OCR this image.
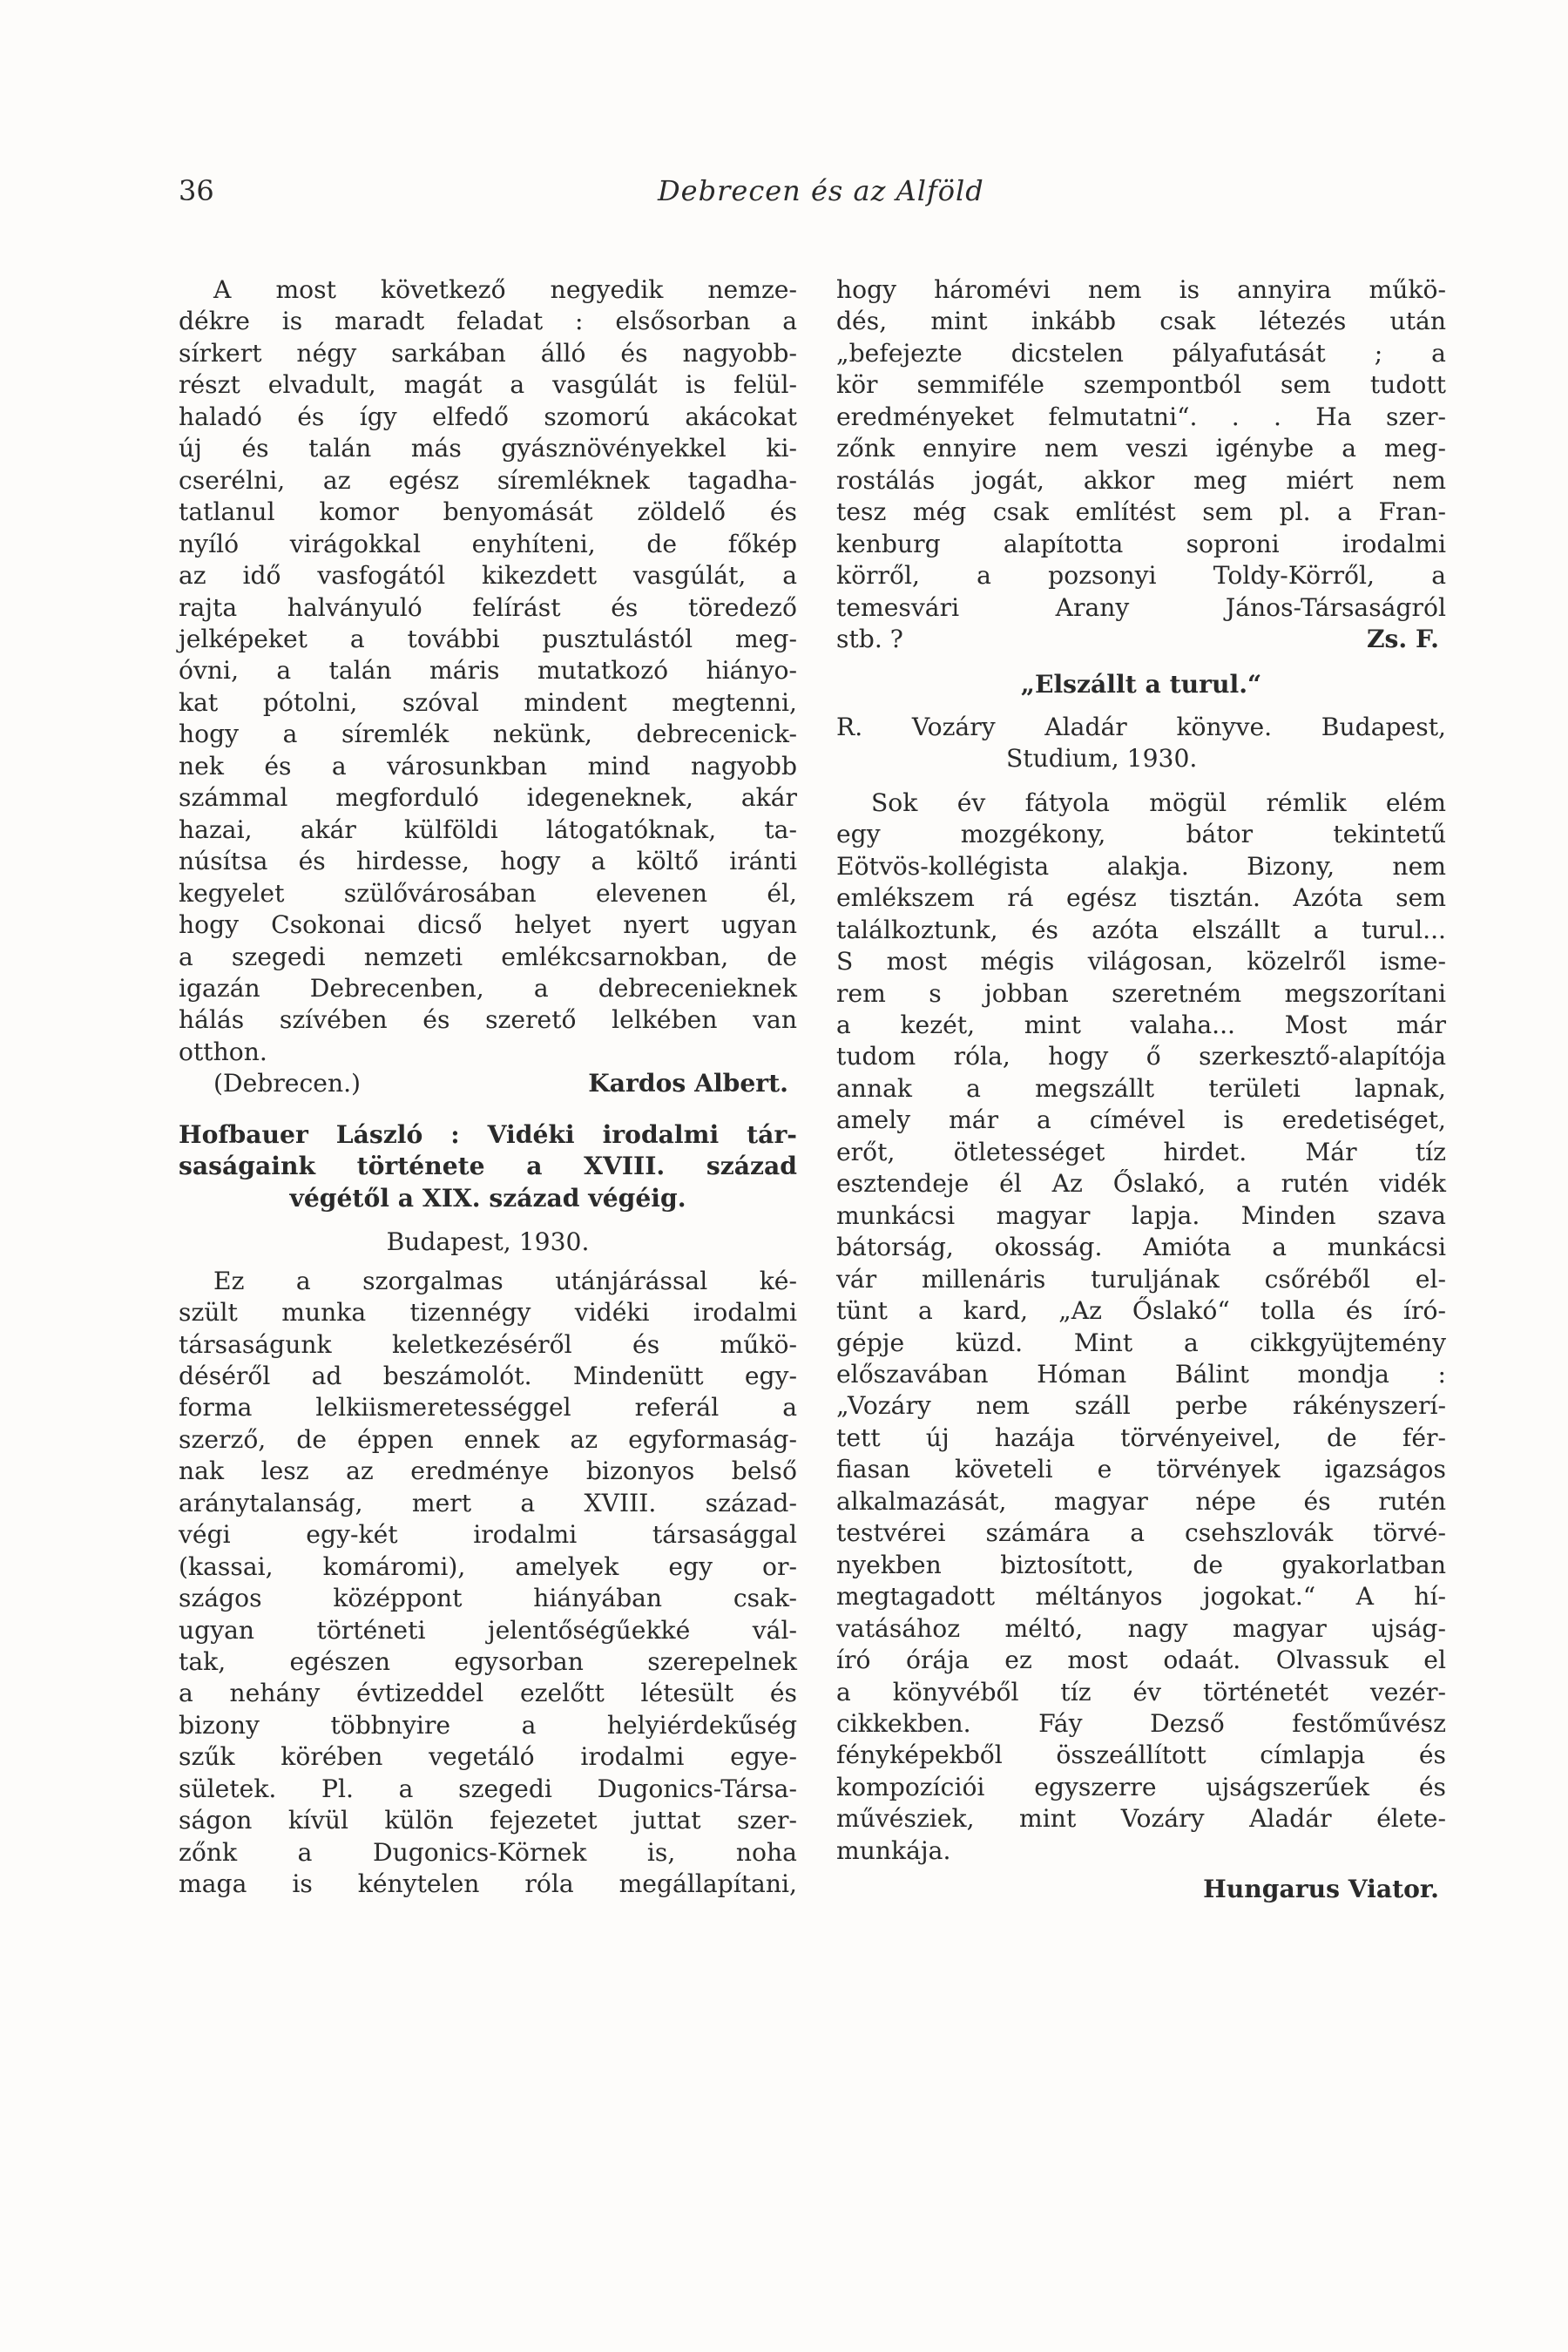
36	Debrecen és az Alföld
A most következő negyedik nemze-
dékre is maradt feladat : elsősorban a
sírkert négy sarkában álló és nagyobb-
részt elvadult, magát a vasgúlát is felül-
haladó és így elfedő szomorú akácokat
új és talán más gyásznövényekkel ki-
cserélni, az egész síremléknek tagadha-
tatlanul komor benyomását zöldelő és
nyíló virágokkal enyhíteni, de főkép
az idő vasfogától kikezdett vasgúlát, a
rajta halványuló felírást és töredező
jelképeket a további pusztulástól meg-
óvni, a talán máris mutatkozó hiányo-
kat pótolni, szóval mindent megtenni,
hogy a síremlék nekünk, debrecenick-
nek és a városunkban mind nagyobb
számmal megforduló idegeneknek, akár
hazai, akár külföldi látogatóknak, ta-
núsítsa és hirdesse, hogy a költő iránti
kegyelet szülővárosában elevenen él,
hogy Csokonai dicső helyet nyert ugyan
a szegedi nemzeti emlékcsarnokban, de
igazán Debrecenben, a debrecenieknek
hálás szívében és szerető lelkében van
otthon.
(Debrecen.)	Kardos Albert.
Hofbauer László : Vidéki irodalmi tár-
saságaink története a XVIII. század
végétől a XIX. század végéig.
Budapest, 1930.
Ez a szorgalmas utánjárással ké-
szült munka tizennégy vidéki irodalmi
társaságunk keletkezéséről és műkö-
déséről ad beszámolót. Mindenütt egy-
forma lelkiismeretességgel referál a
szerző, de éppen ennek az egyformaság-
nak lesz az eredménye bizonyos belső
aránytalanság, mert a XVIII. század-
végi egy-két irodalmi társasággal
(kassai, komáromi), amelyek egy or-
szágos középpont hiányában csak-
ugyan történeti jelentőségűekké vál-
tak, egészen egysorban szerepelnek
a nehány évtizeddel ezelőtt létesült és
bizony többnyire a helyiérdekűség
szűk körében vegetáló irodalmi egye-
sületek. Pl. a szegedi Dugonics-Társa-
ságon kívül külön fejezetet juttat szer-
zőnk a Dugonics-Körnek is, noha
maga is kénytelen róla megállapítani,
hogy háromévi nem is annyira műkö-
dés, mint inkább csak létezés után
„befejezte dicstelen pályafutását ; a
kör semmiféle szempontból sem tudott
eredményeket felmutatni“. . . Ha szer-
zőnk ennyire nem veszi igénybe a meg-
rostálás jogát, akkor meg miért nem
tesz még csak említést sem pl. a Fran-
kenburg alapította soproni irodalmi
körről, a pozsonyi Toldy-Körről, a
temesvári Arany János-Társaságról
stb. ?	Zs. F.
„Elszállt a turul.“
R. Vozáry Aladár könyve. Budapest,
Studium, 1930.
Sok év fátyola mögül rémlik elém
egy mozgékony, bátor tekintetű
Eötvös-kollégista alakja. Bizony, nem
emlékszem rá egész tisztán. Azóta sem
találkoztunk, és azóta elszállt a turul...
S most mégis világosan, közelről isme-
rem s jobban szeretném megszorítani
a kezét, mint valaha... Most már
tudom róla, hogy ő szerkesztő-alapítója
annak a megszállt területi lapnak,
amely már a címével is eredetiséget,
erőt, ötletességet hirdet. Már tíz
esztendeje él Az Őslakó, a rutén vidék
munkácsi magyar lapja. Minden szava
bátorság, okosság. Amióta a munkácsi
vár millenáris turuljának csőréből el-
tünt a kard, „Az Őslakó“ tolla és író-
gépje küzd. Mint a cikkgyüjtemény
előszavában Hóman Bálint mondja :
„Vozáry nem száll perbe rákényszerí-
tett új hazája törvényeivel, de fér-
fiasan követeli e törvények igazságos
alkalmazását, magyar népe és rutén
testvérei számára a csehszlovák törvé-
nyekben biztosított, de gyakorlatban
megtagadott méltányos jogokat.“ A hí-
vatásához méltó, nagy magyar ujság-
író órája ez most odaát. Olvassuk el
a könyvéből tíz év történetét vezér-
cikkekben. Fáy Dezső festőművész
fényképekből összeállított címlapja és
kompozíciói egyszerre ujságszerűek és
művésziek, mint Vozáry Aladár élete-
munkája.
Hungarus Viator.
